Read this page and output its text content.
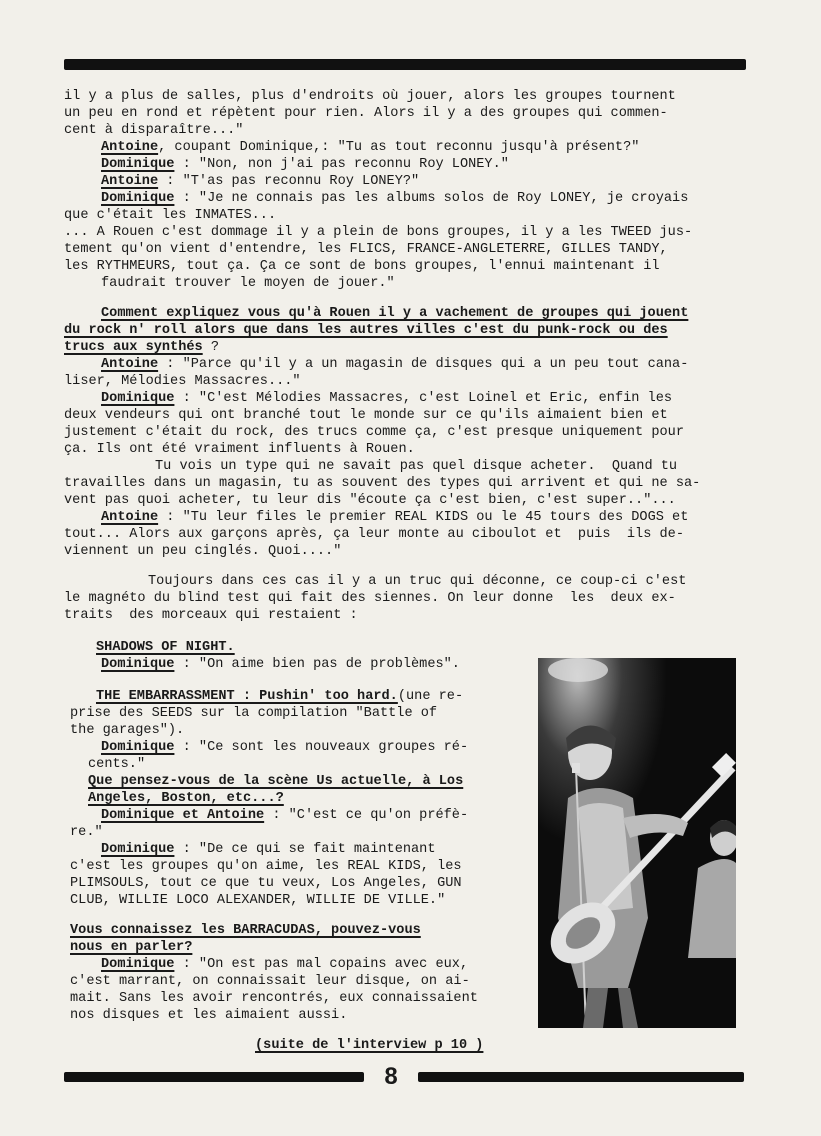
il y a plus de salles, plus d'endroits où jouer, alors les groupes tournent
un peu en rond et répètent pour rien. Alors il y a des groupes qui commen-
cent à disparaître..."
Antoine, coupant Dominique,: "Tu as tout reconnu jusqu'à présent?"
Dominique : "Non, non j'ai pas reconnu Roy LONEY."
Antoine : "T'as pas reconnu Roy LONEY?"
Dominique : "Je ne connais pas les albums solos de Roy LONEY, je croyais
que c'était les INMATES...
... A Rouen c'est dommage il y a plein de bons groupes, il y a les TWEED jus-
tement qu'on vient d'entendre, les FLICS, FRANCE-ANGLETERRE, GILLES TANDY,
les RYTHMEURS, tout ça. Ça ce sont de bons groupes, l'ennui maintenant il
faudrait trouver le moyen de jouer."
Comment expliquez vous qu'à Rouen il y a vachement de groupes qui jouent
du rock n' roll alors que dans les autres villes c'est du punk-rock ou des
trucs aux synthés ?
Antoine : "Parce qu'il y a un magasin de disques qui a un peu tout cana-
liser, Mélodies Massacres..."
Dominique : "C'est Mélodies Massacres, c'est Loinel et Eric, enfin les
deux vendeurs qui ont branché tout le monde sur ce qu'ils aimaient bien et
justement c'était du rock, des trucs comme ça, c'est presque uniquement pour
ça. Ils ont été vraiment influents à Rouen.
Tu vois un type qui ne savait pas quel disque acheter.  Quand tu
travailles dans un magasin, tu as souvent des types qui arrivent et qui ne sa-
vent pas quoi acheter, tu leur dis "écoute ça c'est bien, c'est super.."...
Antoine : "Tu leur files le premier REAL KIDS ou le 45 tours des DOGS et
tout... Alors aux garçons après, ça leur monte au ciboulot et  puis  ils de-
viennent un peu cinglés. Quoi...."
Toujours dans ces cas il y a un truc qui déconne, ce coup-ci c'est
le magnéto du blind test qui fait des siennes. On leur donne  les  deux ex-
traits  des morceaux qui restaient :
SHADOWS OF NIGHT.
Dominique : "On aime bien pas de problèmes".
THE EMBARRASSMENT : Pushin' too hard.(une re-
prise des SEEDS sur la compilation "Battle of
the garages").
Dominique : "Ce sont les nouveaux groupes ré-
cents."
Que pensez-vous de la scène Us actuelle, à Los
Angeles, Boston, etc...?
Dominique et Antoine : "C'est ce qu'on préfè-
re."
Dominique : "De ce qui se fait maintenant
c'est les groupes qu'on aime, les REAL KIDS, les
PLIMSOULS, tout ce que tu veux, Los Angeles, GUN
CLUB, WILLIE LOCO ALEXANDER, WILLIE DE VILLE."
Vous connaissez les BARRACUDAS, pouvez-vous
nous en parler?
Dominique : "On est pas mal copains avec eux,
c'est marrant, on connaissait leur disque, on ai-
mait. Sans les avoir rencontrés, eux connaissaient
nos disques et les aimaient aussi.
(suite de l'interview p 10 )
8
